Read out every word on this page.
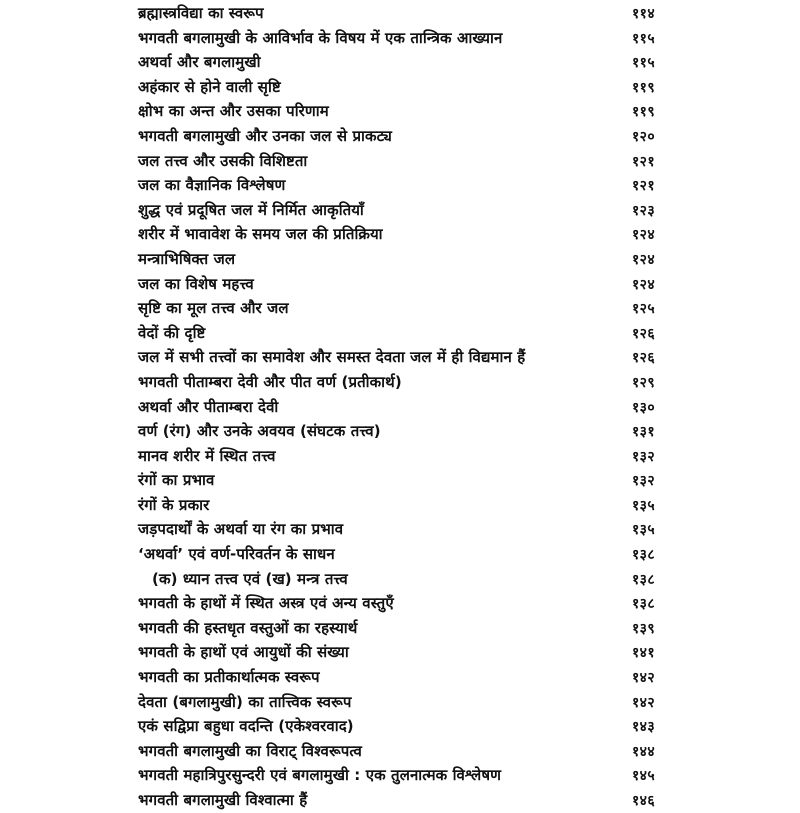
ब्रह्मास्त्रविद्या का स्वरूप	११४
भगवती बगलामुखी के आविर्भाव के विषय में एक तान्त्रिक आख्यान	११५
अथर्वा और बगलामुखी	११५
अहंकार से होने वाली सृष्टि	११९
क्षोभ का अन्त और उसका परिणाम	११९
भगवती बगलामुखी और उनका जल से प्राकट्य	१२०
जल तत्त्व और उसकी विशिष्टता	१२१
जल का वैज्ञानिक विश्लेषण	१२१
शुद्ध एवं प्रदूषित जल में निर्मित आकृतियाँ	१२३
शरीर में भावावेश के समय जल की प्रतिक्रिया	१२४
मन्त्राभिषिक्त जल	१२४
जल का विशेष महत्त्व	१२४
सृष्टि का मूल तत्त्व और जल	१२५
वेदों की दृष्टि	१२६
जल में सभी तत्त्वों का समावेश और समस्त देवता जल में ही विद्यमान हैं	१२६
भगवती पीताम्बरा देवी और पीत वर्ण (प्रतीकार्थ)	१२९
अथर्वा और पीताम्बरा देवी	१३०
वर्ण (रंग) और उनके अवयव (संघटक तत्त्व)	१३१
मानव शरीर में स्थित तत्त्व	१३२
रंगों का प्रभाव	१३२
रंगों के प्रकार	१३५
जड़पदार्थों के अथर्वा या रंग का प्रभाव	१३५
‘अथर्वा’ एवं वर्ण-परिवर्तन के साधन	१३८
(क) ध्यान तत्त्व एवं (ख) मन्त्र तत्त्व	१३८
भगवती के हाथों में स्थित अस्त्र एवं अन्य वस्तुएँ	१३८
भगवती की हस्तधृत वस्तुओं का रहस्यार्थ	१३९
भगवती के हाथों एवं आयुधों की संख्या	१४१
भगवती का प्रतीकार्थात्मक स्वरूप	१४२
देवता (बगलामुखी) का तात्त्विक स्वरूप	१४२
एकं सद्विप्रा बहुधा वदन्ति (एकेश्वरवाद)	१४३
भगवती बगलामुखी का विराट् विश्वरूपत्व	१४४
भगवती महात्रिपुरसुन्दरी एवं बगलामुखी : एक तुलनात्मक विश्लेषण	१४५
भगवती बगलामुखी विश्वात्मा हैं	१४६
